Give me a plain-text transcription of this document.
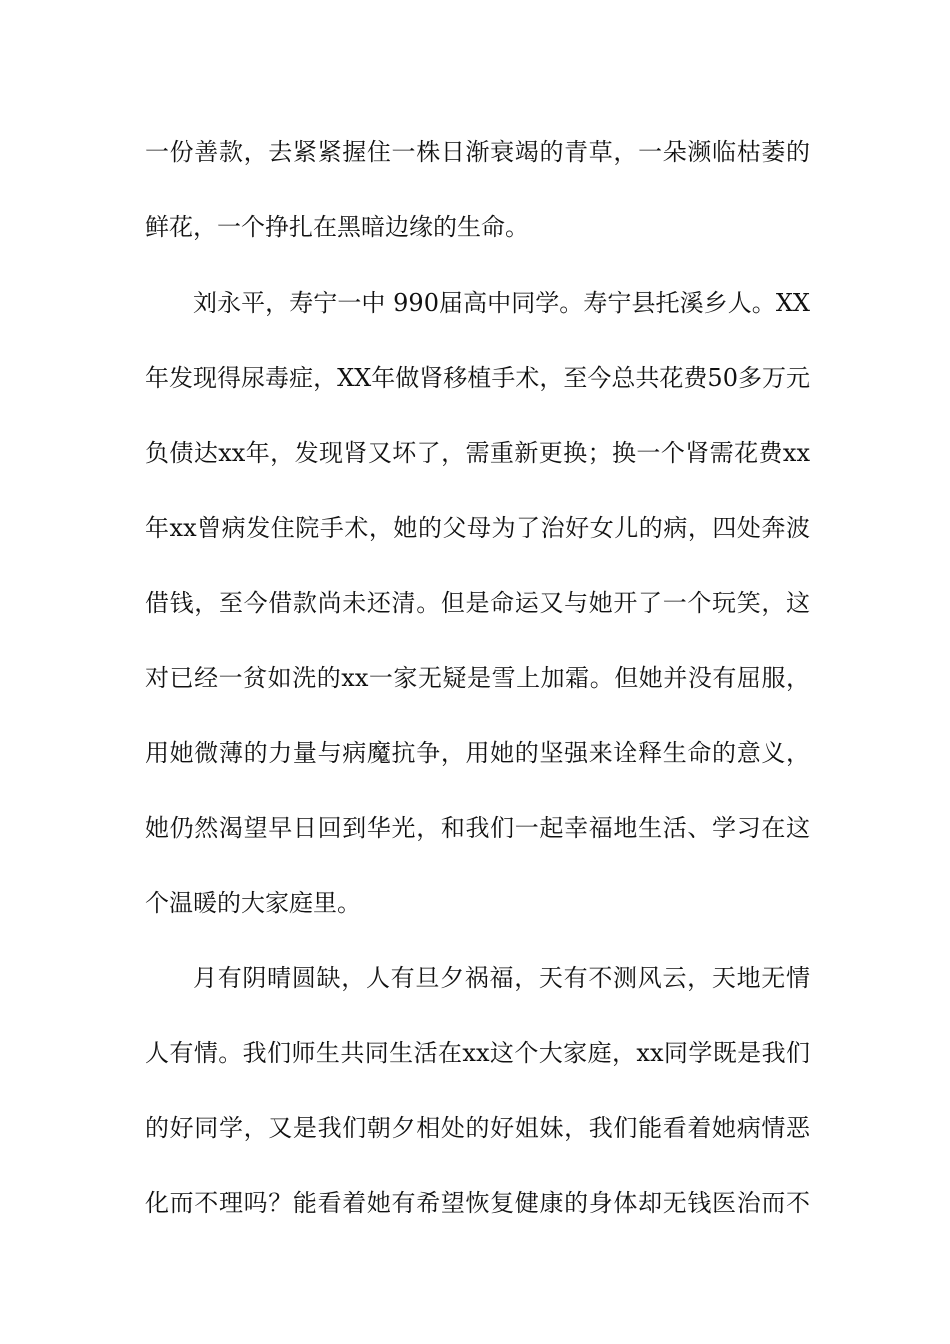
一份善款，去紧紧握住一株日渐衰竭的青草，一朵濒临枯萎的
鲜花，一个挣扎在黑暗边缘的生命。
刘永平，寿宁一中 990届高中同学。寿宁县托溪乡人。XX
年发现得尿毒症，XX年做肾移植手术，至今总共花费50多万元
负债达xx年，发现肾又坏了，需重新更换；换一个肾需花费xx
年xx曾病发住院手术，她的父母为了治好女儿的病，四处奔波
借钱，至今借款尚未还清。但是命运又与她开了一个玩笑，这
对已经一贫如洗的xx一家无疑是雪上加霜。但她并没有屈服，
用她微薄的力量与病魔抗争，用她的坚强来诠释生命的意义，
她仍然渴望早日回到华光，和我们一起幸福地生活、学习在这
个温暖的大家庭里。
月有阴晴圆缺，人有旦夕祸福，天有不测风云，天地无情
人有情。我们师生共同生活在xx这个大家庭，xx同学既是我们
的好同学，又是我们朝夕相处的好姐妹，我们能看着她病情恶
化而不理吗？能看着她有希望恢复健康的身体却无钱医治而不
